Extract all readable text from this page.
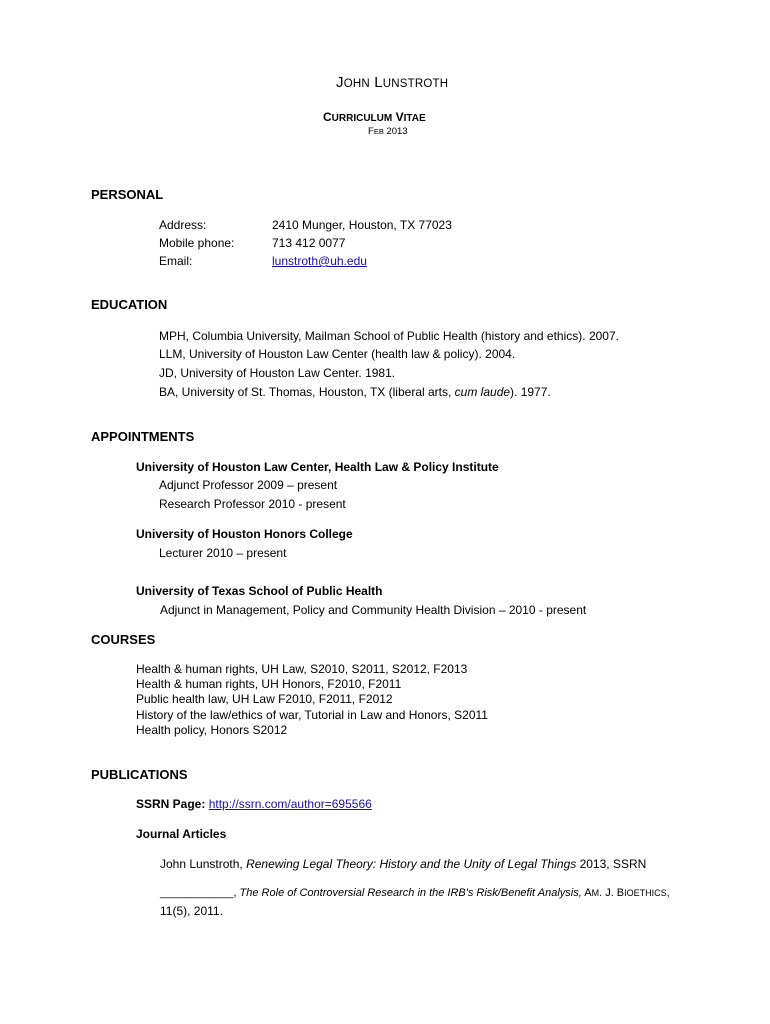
JOHN LUNSTROTH
CURRICULUM VITAE
FEB 2013
PERSONAL
Address:	2410 Munger, Houston, TX 77023
Mobile phone:	713 412 0077
Email:	lunstroth@uh.edu
EDUCATION
MPH, Columbia University, Mailman School of Public Health (history and ethics). 2007.
LLM, University of Houston Law Center (health law & policy). 2004.
JD, University of Houston Law Center. 1981.
BA, University of St. Thomas, Houston, TX (liberal arts, cum laude). 1977.
APPOINTMENTS
University of Houston Law Center, Health Law & Policy Institute
Adjunct Professor 2009 – present
Research Professor 2010 - present
University of Houston Honors College
Lecturer 2010 – present
University of Texas School of Public Health
Adjunct in Management, Policy and Community Health Division – 2010 - present
COURSES
Health & human rights, UH Law, S2010, S2011, S2012, F2013
Health & human rights, UH Honors, F2010, F2011
Public health law, UH Law F2010, F2011, F2012
History of the law/ethics of war, Tutorial in Law and Honors, S2011
Health policy, Honors S2012
PUBLICATIONS
SSRN Page: http://ssrn.com/author=695566
Journal Articles
John Lunstroth, Renewing Legal Theory: History and the Unity of Legal Things 2013, SSRN
____________, The Role of Controversial Research in the IRB's Risk/Benefit Analysis, AM. J. BIOETHICS,
11(5), 2011.
